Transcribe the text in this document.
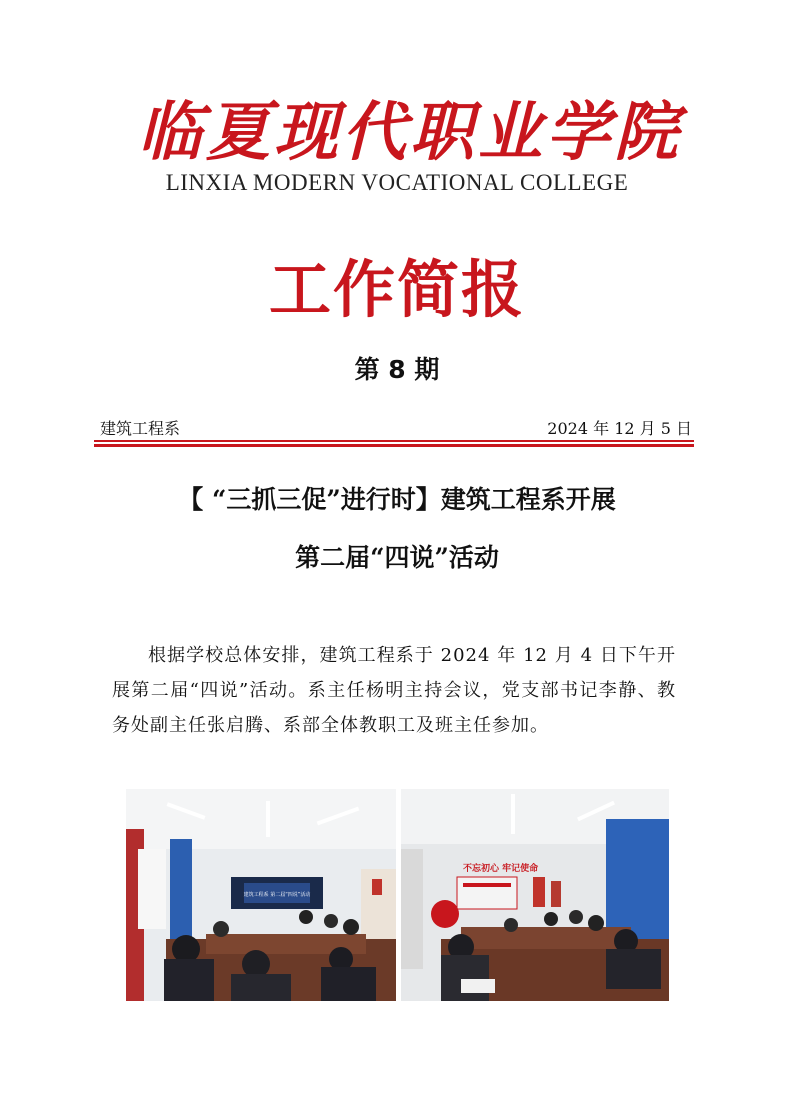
临夏现代职业学院
LINXIA MODERN VOCATIONAL COLLEGE
工作简报
第 8 期
建筑工程系	2024 年 12 月 5 日
【 “三抓三促”进行时】建筑工程系开展
第二届“四说”活动
根据学校总体安排，建筑工程系于 2024 年 12 月 4 日下午开展第二届“四说”活动。系主任杨明主持会议，党支部书记李静、教务处副主任张启腾、系部全体教职工及班主任参加。
建筑工程系 第二届“四说”活动
不忘初心 牢记使命
